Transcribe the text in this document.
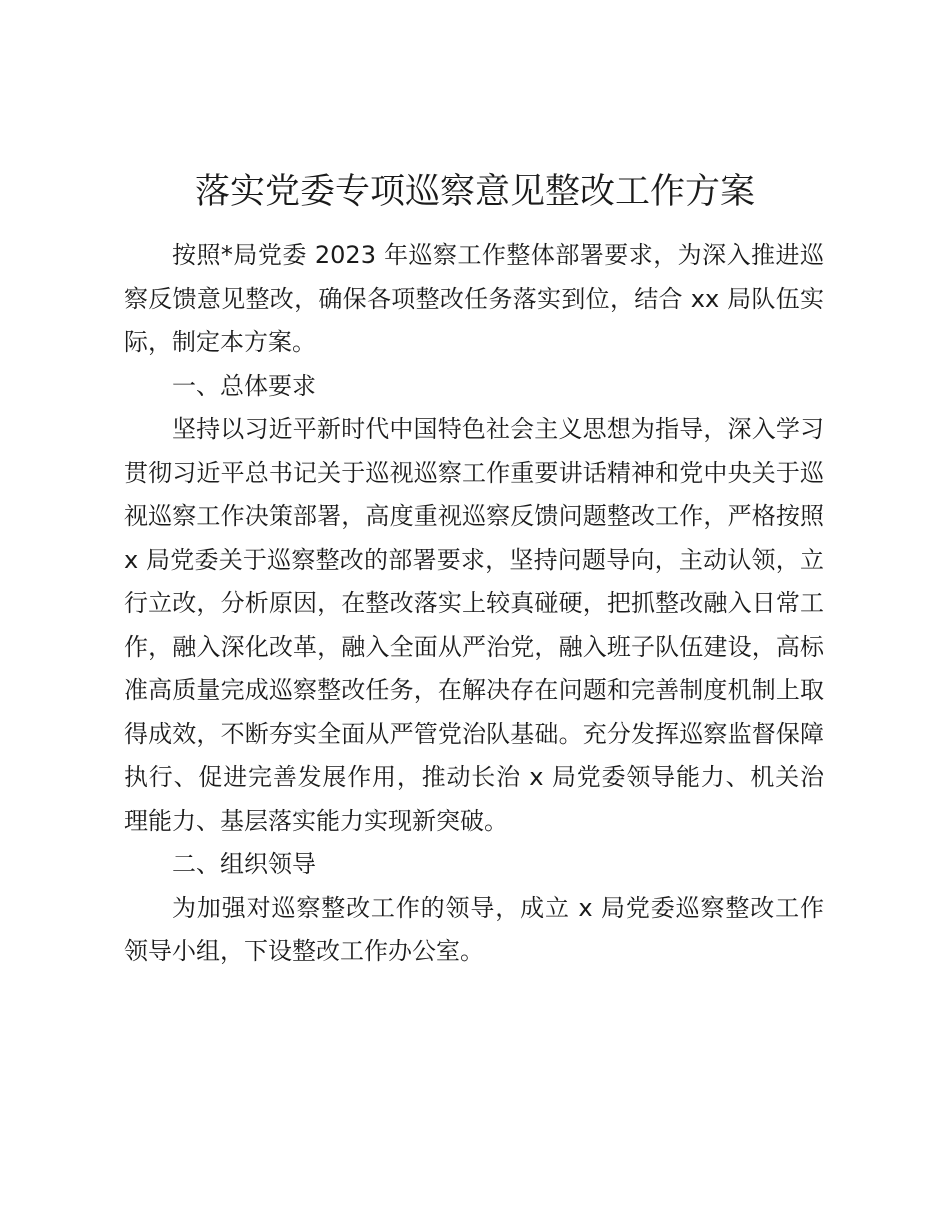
落实党委专项巡察意见整改工作方案

按照*局党委 2023 年巡察工作整体部署要求，为深入推进巡察反馈意见整改，确保各项整改任务落实到位，结合 xx 局队伍实际，制定本方案。

一、总体要求

坚持以习近平新时代中国特色社会主义思想为指导，深入学习贯彻习近平总书记关于巡视巡察工作重要讲话精神和党中央关于巡视巡察工作决策部署，高度重视巡察反馈问题整改工作，严格按照 x 局党委关于巡察整改的部署要求，坚持问题导向，主动认领，立行立改，分析原因，在整改落实上较真碰硬，把抓整改融入日常工作，融入深化改革，融入全面从严治党，融入班子队伍建设，高标准高质量完成巡察整改任务，在解决存在问题和完善制度机制上取得成效，不断夯实全面从严管党治队基础。充分发挥巡察监督保障执行、促进完善发展作用，推动长治 x 局党委领导能力、机关治理能力、基层落实能力实现新突破。

二、组织领导

为加强对巡察整改工作的领导，成立 x 局党委巡察整改工作领导小组，下设整改工作办公室。
